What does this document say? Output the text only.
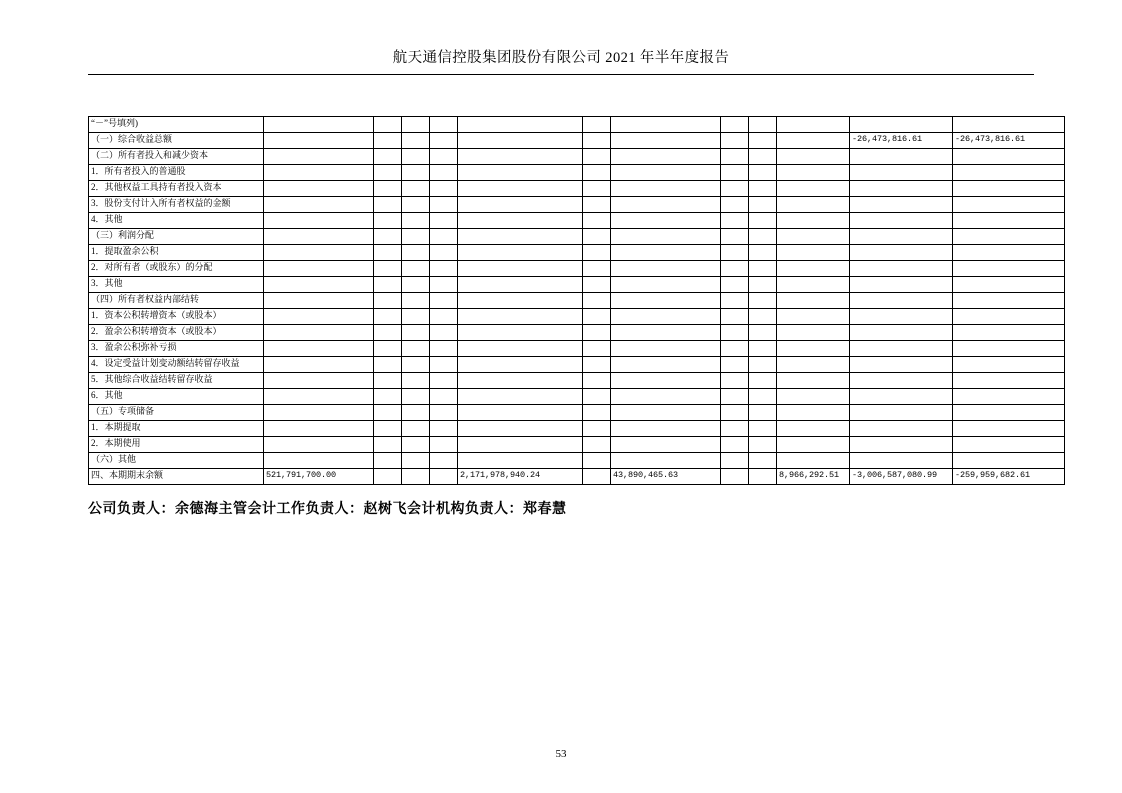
航天通信控股集团股份有限公司 2021 年半年度报告
“－”号填列)												
（一）综合收益总额											-26,473,816.61	-26,473,816.61
（二）所有者投入和减少资本												
1．所有者投入的普通股												
2．其他权益工具持有者投入资本												
3．股份支付计入所有者权益的金额												
4．其他												
（三）利润分配												
1．提取盈余公积												
2．对所有者（或股东）的分配												
3．其他												
（四）所有者权益内部结转												
1．资本公积转增资本（或股本）												
2．盈余公积转增资本（或股本）												
3．盈余公积弥补亏损												
4．设定受益计划变动额结转留存收益												
5．其他综合收益结转留存收益												
6．其他												
（五）专项储备												
1．本期提取												
2．本期使用												
（六）其他												
四、本期期末余额	521,791,700.00				2,171,978,940.24		43,890,465.63			8,966,292.51	-3,006,587,080.99	-259,959,682.61
公司负责人：余德海主管会计工作负责人：赵树飞会计机构负责人：郑春慧
53
